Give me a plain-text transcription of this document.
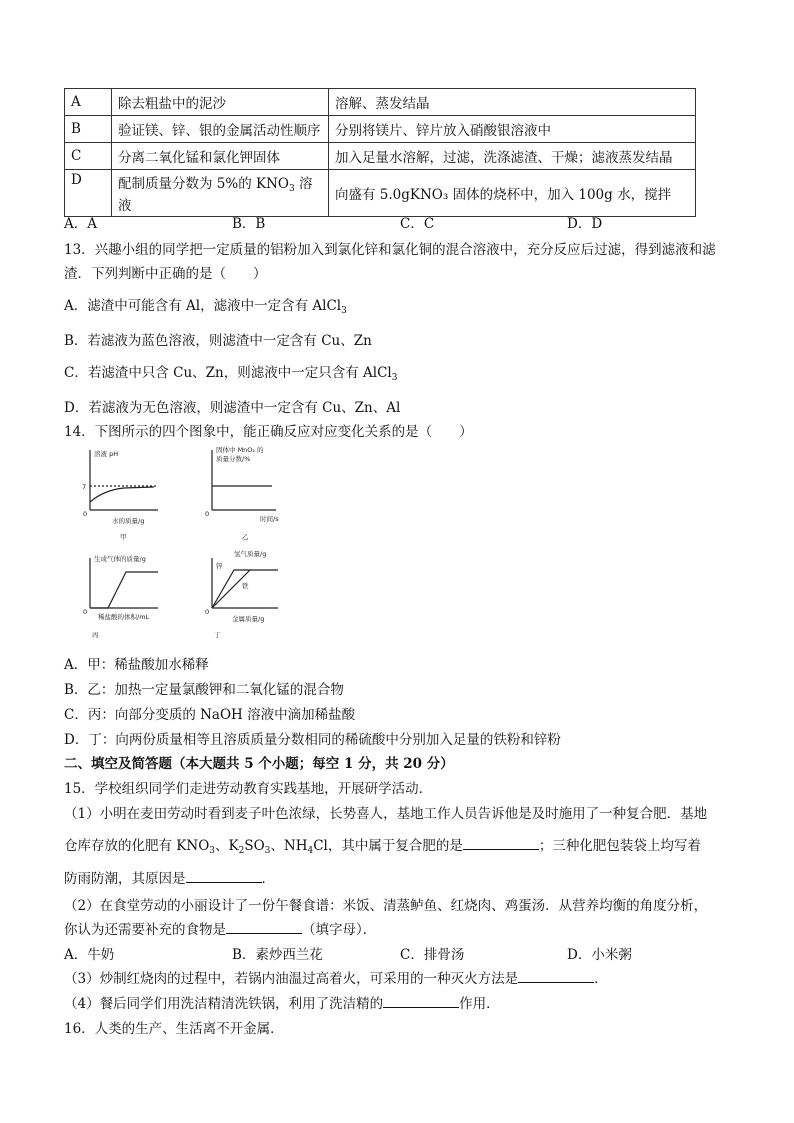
A	除去粗盐中的泥沙	溶解、蒸发结晶
B	验证镁、锌、银的金属活动性顺序	分别将镁片、锌片放入硝酸银溶液中
C	分离二氧化锰和氯化钾固体	加入足量水溶解，过滤，洗涤滤渣、干燥；滤液蒸发结晶
D	配制质量分数为 5%的 $KNO_3$ 溶液	向盛有 5.0gKNO₃ 固体的烧杯中，加入 100g 水，搅拌
A．A	B．B	C．C	D．D
13．兴趣小组的同学把一定质量的铝粉加入到氯化锌和氯化铜的混合溶液中，充分反应后过滤，得到滤液和滤
渣．下列判断中正确的是（　　）
A．滤渣中可能含有 Al，滤液中一定含有 AlCl$_3$
B．若滤液为蓝色溶液，则滤渣中一定含有 Cu、Zn
C．若滤渣中只含 Cu、Zn，则滤液中一定只含有 AlCl$_3$
D．若滤液为无色溶液，则滤渣中一定含有 Cu、Zn、Al
14．下图所示的四个图象中，能正确反应对应变化关系的是（　　）
溶液 pH
7
0
水的质量/g
甲
固体中 MnO₂ 的
质量分数/%
0
时间/s
乙
生成气体的质量/g
0
稀盐酸的体积/mL
丙
氢气质量/g
0
锌
铁
金属质量/g
丁
A．甲：稀盐酸加水稀释
B．乙：加热一定量氯酸钾和二氧化锰的混合物
C．丙：向部分变质的 NaOH 溶液中滴加稀盐酸
D．丁：向两份质量相等且溶质质量分数相同的稀硫酸中分别加入足量的铁粉和锌粉
二、填空及简答题（本大题共 5 个小题；每空 1 分，共 20 分）
15．学校组织同学们走进劳动教育实践基地，开展研学活动．
（1）小明在麦田劳动时看到麦子叶色浓绿，长势喜人，基地工作人员告诉他是及时施用了一种复合肥．基地
仓库存放的化肥有 $KNO_3$、$K_2SO_3$、$NH_4Cl$，其中属于复合肥的是	；三种化肥包装袋上均写着
防雨防潮，其原因是	．
（2）在食堂劳动的小丽设计了一份午餐食谱：米饭、清蒸鲈鱼、红烧肉、鸡蛋汤．从营养均衡的角度分析，
你认为还需要补充的食物是	（填字母）．
A．牛奶	B．素炒西兰花	C．排骨汤	D．小米粥
（3）炒制红烧肉的过程中，若锅内油温过高着火，可采用的一种灭火方法是	．
（4）餐后同学们用洗洁精清洗铁锅，利用了洗洁精的	作用．
16．人类的生产、生活离不开金属．
